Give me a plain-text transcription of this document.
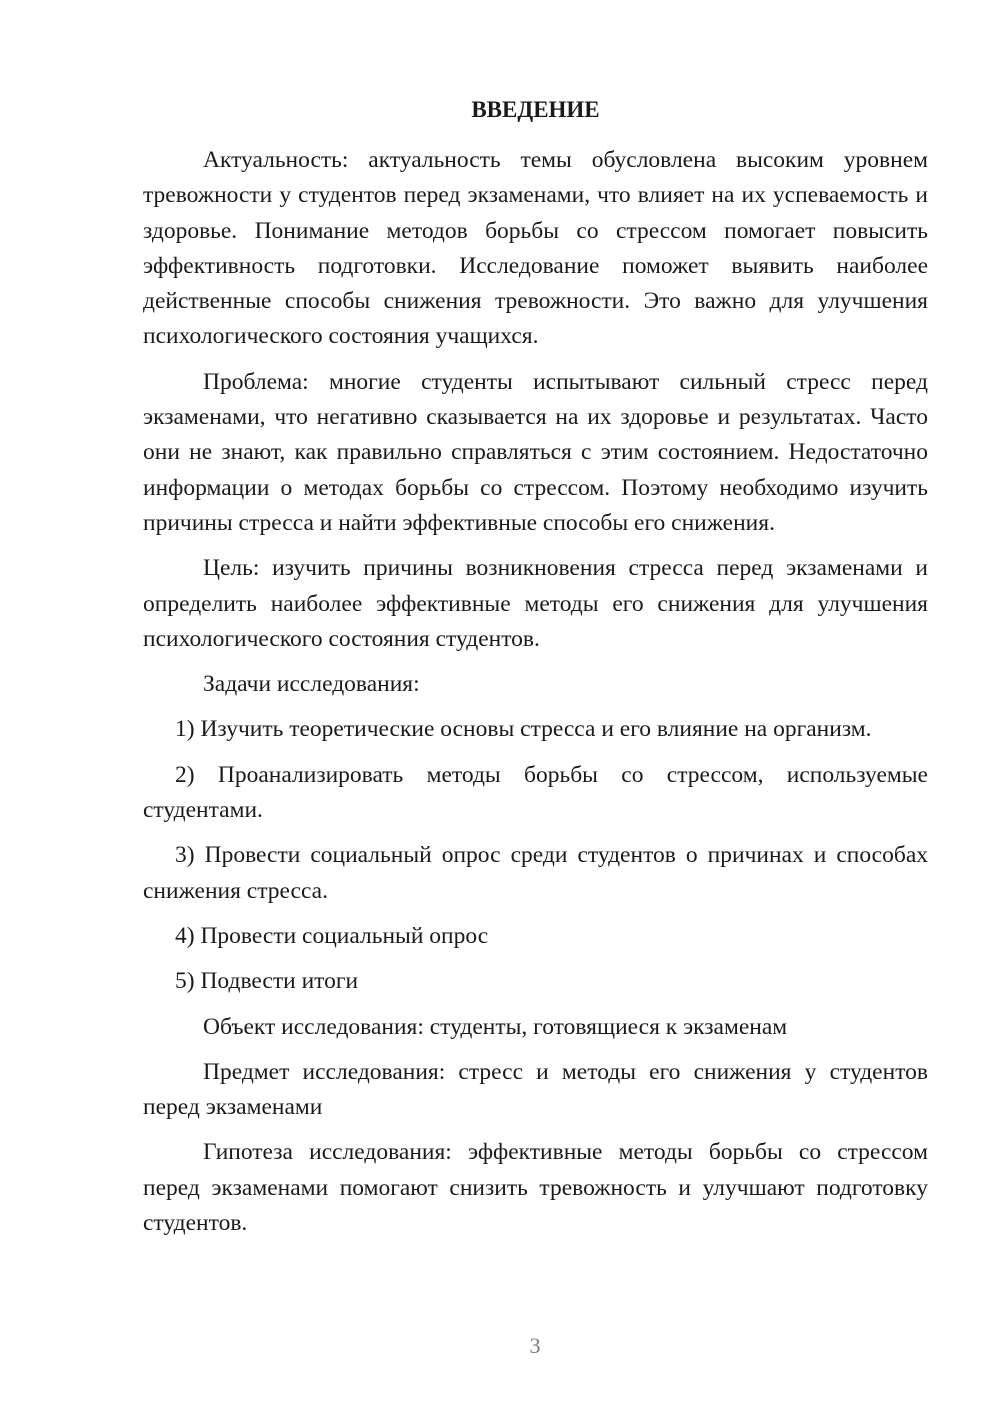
ВВЕДЕНИЕ

Актуальность: актуальность темы обусловлена высоким уровнем тревожности у студентов перед экзаменами, что влияет на их успеваемость и здоровье. Понимание методов борьбы со стрессом помогает повысить эффективность подготовки. Исследование поможет выявить наиболее действенные способы снижения тревожности. Это важно для улучшения психологического состояния учащихся.

Проблема: многие студенты испытывают сильный стресс перед экзаменами, что негативно сказывается на их здоровье и результатах. Часто они не знают, как правильно справляться с этим состоянием. Недостаточно информации о методах борьбы со стрессом. Поэтому необходимо изучить причины стресса и найти эффективные способы его снижения.

Цель: изучить причины возникновения стресса перед экзаменами и определить наиболее эффективные методы его снижения для улучшения психологического состояния студентов.

Задачи исследования:

1) Изучить теоретические основы стресса и его влияние на организм.

2) Проанализировать методы борьбы со стрессом, используемые студентами.

3) Провести социальный опрос среди студентов о причинах и способах снижения стресса.

4) Провести социальный опрос

5) Подвести итоги

Объект исследования: студенты, готовящиеся к экзаменам

Предмет исследования: стресс и методы его снижения у студентов перед экзаменами

Гипотеза исследования: эффективные методы борьбы со стрессом перед экзаменами помогают снизить тревожность и улучшают подготовку студентов.

3
